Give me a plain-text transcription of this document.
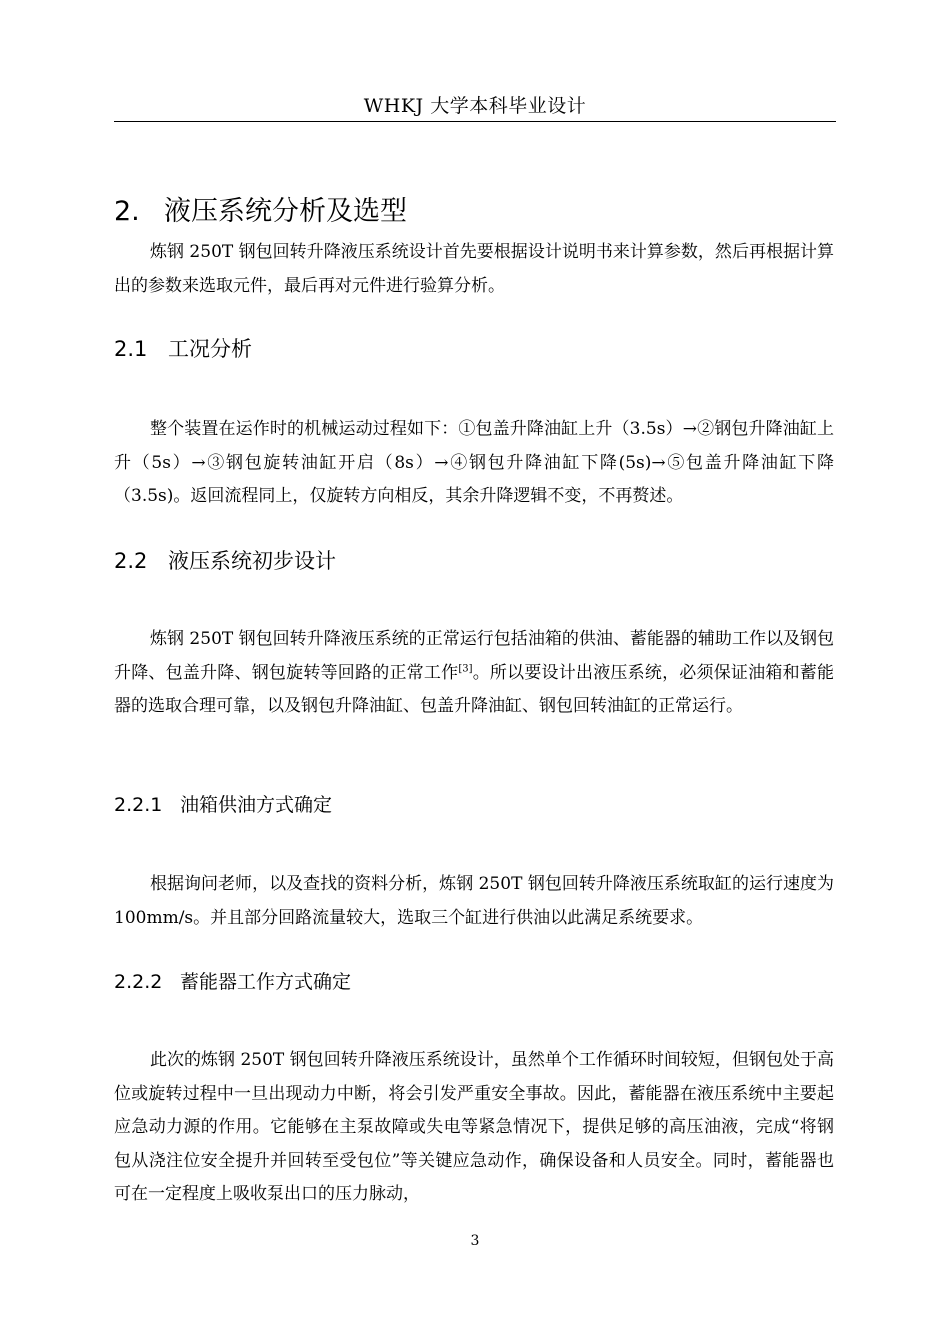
WHKJ 大学本科毕业设计
2. 液压系统分析及选型

炼钢 250T 钢包回转升降液压系统设计首先要根据设计说明书来计算参数，然后再根据计算出的参数来选取元件，最后再对元件进行验算分析。

2.1 工况分析

整个装置在运作时的机械运动过程如下：①包盖升降油缸上升（3.5s）→②钢包升降油缸上升（5s）→③钢包旋转油缸开启（8s）→④钢包升降油缸下降(5s)→⑤包盖升降油缸下降（3.5s)。返回流程同上，仅旋转方向相反，其余升降逻辑不变，不再赘述。

2.2 液压系统初步设计

炼钢 250T 钢包回转升降液压系统的正常运行包括油箱的供油、蓄能器的辅助工作以及钢包升降、包盖升降、钢包旋转等回路的正常工作[3]。所以要设计出液压系统，必须保证油箱和蓄能器的选取合理可靠，以及钢包升降油缸、包盖升降油缸、钢包回转油缸的正常运行。

2.2.1 油箱供油方式确定

根据询问老师，以及查找的资料分析，炼钢 250T 钢包回转升降液压系统取缸的运行速度为 100mm/s。并且部分回路流量较大，选取三个缸进行供油以此满足系统要求。

2.2.2 蓄能器工作方式确定

此次的炼钢 250T 钢包回转升降液压系统设计，虽然单个工作循环时间较短，但钢包处于高位或旋转过程中一旦出现动力中断，将会引发严重安全事故。因此，蓄能器在液压系统中主要起应急动力源的作用。它能够在主泵故障或失电等紧急情况下，提供足够的高压油液，完成“将钢包从浇注位安全提升并回转至受包位”等关键应急动作，确保设备和人员安全。同时，蓄能器也可在一定程度上吸收泵出口的压力脉动，

3
